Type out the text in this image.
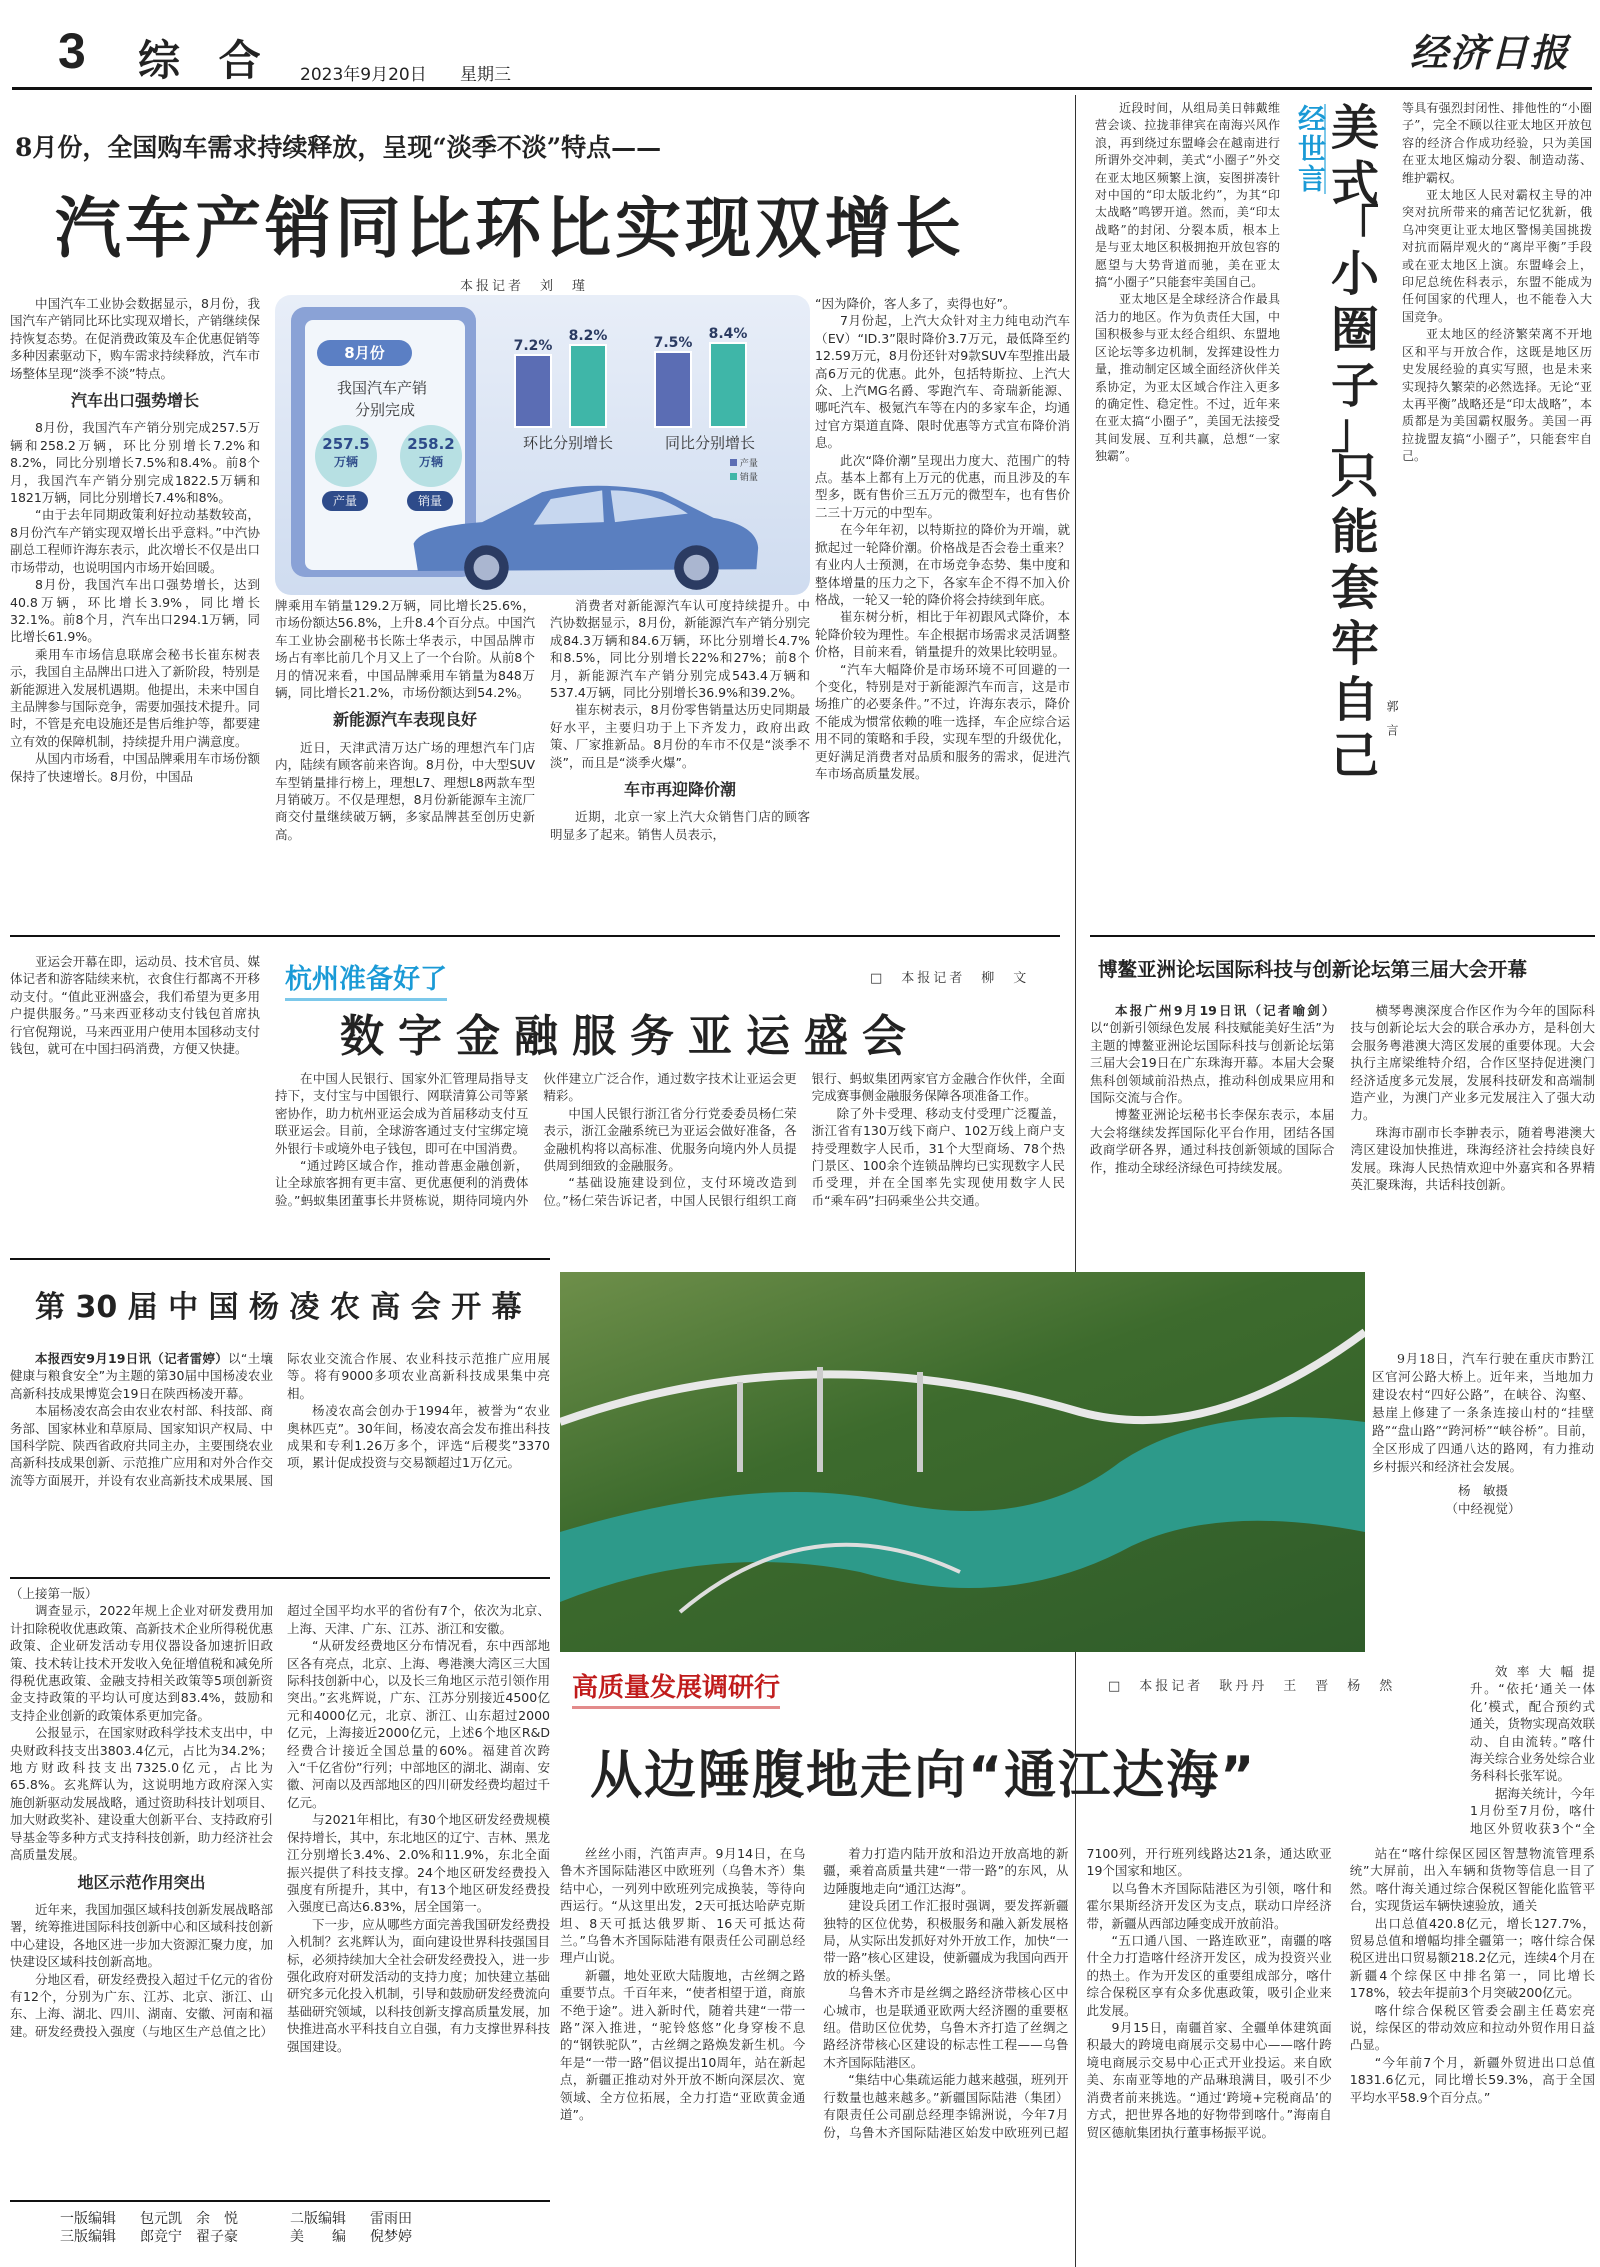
3 综 合 2023年9月20日 星期三	经济日报
8月份，全国购车需求持续释放，呈现“淡季不淡”特点——
汽车产销同比环比实现双增长
本报记者　刘　瑾

中国汽车工业协会数据显示，8月份，我国汽车产销同比环比实现双增长，产销继续保持恢复态势。在促消费政策及车企优惠促销等多种因素驱动下，购车需求持续释放，汽车市场整体呈现“淡季不淡”特点。

汽车出口强势增长

8月份，我国汽车产销分别完成257.5万辆和258.2万辆，环比分别增长7.2%和8.2%，同比分别增长7.5%和8.4%。前8个月，我国汽车产销分别完成1822.5万辆和1821万辆，同比分别增长7.4%和8%。

“由于去年同期政策利好拉动基数较高，8月份汽车产销实现双增长出乎意料。”中汽协副总工程师许海东表示，此次增长不仅是出口市场带动，也说明国内市场开始回暖。

8月份，我国汽车出口强势增长，达到40.8万辆，环比增长3.9%，同比增长32.1%。前8个月，汽车出口294.1万辆，同比增长61.9%。

乘用车市场信息联席会秘书长崔东树表示，我国自主品牌出口进入了新阶段，特别是新能源进入发展机遇期。他提出，未来中国自主品牌参与国际竞争，需要加强技术提升。同时，不管是充电设施还是售后维护等，都要建立有效的保障机制，持续提升用户满意度。

从国内市场看，中国品牌乘用车市场份额保持了快速增长。8月份，中国品

8月份
我国汽车产销
分别完成
257.5
万辆
258.2
万辆
产量	销量
7.2%
8.2%	7.5%
8.4%
环比分别增长	同比分别增长
产量
销量

牌乘用车销量129.2万辆，同比增长25.6%，市场份额达56.8%，上升8.4个百分点。中国汽车工业协会副秘书长陈士华表示，中国品牌市场占有率比前几个月又上了一个台阶。从前8个月的情况来看，中国品牌乘用车销量为848万辆，同比增长21.2%，市场份额达到54.2%。

新能源汽车表现良好

近日，天津武清万达广场的理想汽车门店内，陆续有顾客前来咨询。8月份，中大型SUV车型销量排行榜上，理想L7、理想L8两款车型月销破万。不仅是理想，8月份新能源车主流厂商交付量继续破万辆，多家品牌甚至创历史新高。

消费者对新能源汽车认可度持续提升。中汽协数据显示，8月份，新能源汽车产销分别完成84.3万辆和84.6万辆，环比分别增长4.7%和8.5%，同比分别增长22%和27%；前8个月，新能源汽车产销分别完成543.4万辆和537.4万辆，同比分别增长36.9%和39.2%。

崔东树表示，8月份零售销量达历史同期最好水平，主要归功于上下齐发力，政府出政策、厂家推新品。8月份的车市不仅是“淡季不淡”，而且是“淡季火爆”。

车市再迎降价潮

近期，北京一家上汽大众销售门店的顾客明显多了起来。销售人员表示，

“因为降价，客人多了，卖得也好”。

7月份起，上汽大众针对主力纯电动汽车（EV）“ID.3”限时降价3.7万元，最低降至约12.59万元，8月份还针对9款SUV车型推出最高6万元的优惠。此外，包括特斯拉、上汽大众、上汽MG名爵、零跑汽车、奇瑞新能源、哪吒汽车、极氪汽车等在内的多家车企，均通过官方渠道直降、限时优惠等方式宣布降价消息。

此次“降价潮”呈现出力度大、范围广的特点。基本上都有上万元的优惠，而且涉及的车型多，既有售价三五万元的微型车，也有售价二三十万元的中型车。

在今年年初，以特斯拉的降价为开端，就掀起过一轮降价潮。价格战是否会卷土重来？有业内人士预测，在市场竞争态势、集中度和整体增量的压力之下，各家车企不得不加入价格战，一轮又一轮的降价将会持续到年底。

崔东树分析，相比于年初跟风式降价，本轮降价较为理性。车企根据市场需求灵活调整价格，目前来看，销量提升的效果比较明显。

“汽车大幅降价是市场环境不可回避的一个变化，特别是对于新能源汽车而言，这是市场推广的必要条件。”不过，许海东表示，降价不能成为惯常依赖的唯一选择，车企应综合运用不同的策略和手段，实现车型的升级优化，更好满足消费者对品质和服务的需求，促进汽车市场高质量发展。

近段时间，从组局美日韩戴维营会谈、拉拢菲律宾在南海兴风作浪，再到绕过东盟峰会在越南进行所谓外交冲刺，美式“小圈子”外交在亚太地区频繁上演，妄图拼凑针对中国的“印太版北约”，为其“印太战略”鸣锣开道。然而，美“印太战略”的封闭、分裂本质，根本上是与亚太地区积极拥抱开放包容的愿望与大势背道而驰，美在亚太搞“小圈子”只能套牢美国自己。

亚太地区是全球经济合作最具活力的地区。作为负责任大国，中国积极参与亚太经合组织、东盟地区论坛等多边机制，发挥建设性力量，推动制定区域全面经济伙伴关系协定，为亚太区域合作注入更多的确定性、稳定性。不过，近年来在亚太搞“小圈子”，美国无法接受其间发展、互利共赢，总想“一家独霸”。

经世言 美
式
「
小
圈
子
」
只
能
套
牢
自
己
郭　言

等具有强烈封闭性、排他性的“小圈子”，完全不顾以往亚太地区开放包容的经济合作成功经验，只为美国在亚太地区煽动分裂、制造动荡、维护霸权。

亚太地区人民对霸权主导的冲突对抗所带来的痛苦记忆犹新，俄乌冲突更让亚太地区警惕美国挑拨对抗而隔岸观火的“离岸平衡”手段或在亚太地区上演。东盟峰会上，印尼总统佐科表示，东盟不能成为任何国家的代理人，也不能卷入大国竞争。

亚太地区的经济繁荣离不开地区和平与开放合作，这既是地区历史发展经验的真实写照，也是未来实现持久繁荣的必然选择。无论“亚太再平衡”战略还是“印太战略”，本质都是为美国霸权服务。美国一再拉拢盟友搞“小圈子”，只能套牢自己。

亚运会开幕在即，运动员、技术官员、媒体记者和游客陆续来杭，衣食住行都离不开移动支付。“值此亚洲盛会，我们希望为更多用户提供服务。”马来西亚移动支付钱包首席执行官倪翔说，马来西亚用户使用本国移动支付钱包，就可在中国扫码消费，方便又快捷。

杭州准备好了	□　本报记者　柳　文
数字金融服务亚运盛会

在中国人民银行、国家外汇管理局指导支持下，支付宝与中国银行、网联清算公司等紧密协作，助力杭州亚运会成为首届移动支付互联亚运会。目前，全球游客通过支付宝绑定境外银行卡或境外电子钱包，即可在中国消费。

“通过跨区域合作，推动普惠金融创新，让全球旅客拥有更丰富、更优惠便利的消费体验。”蚂蚁集团董事长井贤栋说，期待同境内外伙伴建立广泛合作，通过数字技术让亚运会更精彩。

中国人民银行浙江省分行党委委员杨仁荣表示，浙江金融系统已为亚运会做好准备，各金融机构将以高标准、优服务向境内外人员提供周到细致的金融服务。

“基础设施建设到位，支付环境改造到位。”杨仁荣告诉记者，中国人民银行组织工商银行、蚂蚁集团两家官方金融合作伙伴，全面完成赛事侧金融服务保障各项准备工作。

除了外卡受理、移动支付受理广泛覆盖，浙江省有130万线下商户、102万线上商户支持受理数字人民币，31个大型商场、78个热门景区、100余个连锁品牌均已实现数字人民币受理，并在全国率先实现使用数字人民币“乘车码”扫码乘坐公共交通。

博鳌亚洲论坛国际科技与创新论坛第三届大会开幕

本报广州9月19日讯（记者喻剑）以“创新引领绿色发展 科技赋能美好生活”为主题的博鳌亚洲论坛国际科技与创新论坛第三届大会19日在广东珠海开幕。本届大会聚焦科创领域前沿热点，推动科创成果应用和国际交流与合作。

博鳌亚洲论坛秘书长李保东表示，本届大会将继续发挥国际化平台作用，团结各国政商学研各界，通过科技创新领域的国际合作，推动全球经济绿色可持续发展。

横琴粤澳深度合作区作为今年的国际科技与创新论坛大会的联合承办方，是科创大会服务粤港澳大湾区发展的重要体现。大会执行主席梁维特介绍，合作区坚持促进澳门经济适度多元发展，发展科技研发和高端制造产业，为澳门产业多元发展注入了强大动力。

珠海市副市长李翀表示，随着粤港澳大湾区建设加快推进，珠海经济社会持续良好发展。珠海人民热情欢迎中外嘉宾和各界精英汇聚珠海，共话科技创新。

第 30 届 中 国 杨 凌 农 高 会 开 幕

本报西安9月19日讯（记者雷婷）以“土壤健康与粮食安全”为主题的第30届中国杨凌农业高新科技成果博览会19日在陕西杨凌开幕。

本届杨凌农高会由农业农村部、科技部、商务部、国家林业和草原局、国家知识产权局、中国科学院、陕西省政府共同主办，主要围绕农业高新科技成果创新、示范推广应用和对外合作交流等方面展开，并设有农业高新技术成果展、国际农业交流合作展、农业科技示范推广应用展等。将有9000多项农业高新科技成果集中亮相。

杨凌农高会创办于1994年，被誉为“农业奥林匹克”。30年间，杨凌农高会发布推出科技成果和专利1.26万多个，评选“后稷奖”3370项，累计促成投资与交易额超过1万亿元。

9月18日，汽车行驶在重庆市黔江区官河公路大桥上。近年来，当地加力建设农村“四好公路”，在峡谷、沟壑、悬崖上修建了一条条连接山村的“挂壁路”“盘山路”“跨河桥”“峡谷桥”。目前，全区形成了四通八达的路网，有力推动乡村振兴和经济社会发展。

杨　敏摄
（中经视觉）
（上接第一版）

调查显示，2022年规上企业对研发费用加计扣除税收优惠政策、高新技术企业所得税优惠政策、企业研发活动专用仪器设备加速折旧政策、技术转让技术开发收入免征增值税和减免所得税优惠政策、金融支持相关政策等5项创新资金支持政策的平均认可度达到83.4%，鼓励和支持企业创新的政策体系更加完备。

公报显示，在国家财政科学技术支出中，中央财政科技支出3803.4亿元，占比为34.2%；地方财政科技支出7325.0亿元，占比为65.8%。玄兆辉认为，这说明地方政府深入实施创新驱动发展战略，通过资助科技计划项目、加大财政奖补、建设重大创新平台、支持政府引导基金等多种方式支持科技创新，助力经济社会高质量发展。

地区示范作用突出

近年来，我国加强区域科技创新发展战略部署，统筹推进国际科技创新中心和区域科技创新中心建设，各地区进一步加大资源汇聚力度，加快建设区域科技创新高地。

分地区看，研发经费投入超过千亿元的省份有12个，分别为广东、江苏、北京、浙江、山东、上海、湖北、四川、湖南、安徽、河南和福建。研发经费投入强度（与地区生产总值之比）超过全国平均水平的省份有7个，依次为北京、上海、天津、广东、江苏、浙江和安徽。

“从研发经费地区分布情况看，东中西部地区各有亮点，北京、上海、粤港澳大湾区三大国际科技创新中心，以及长三角地区示范引领作用突出。”玄兆辉说，广东、江苏分别接近4500亿元和4000亿元，北京、浙江、山东超过2000亿元，上海接近2000亿元，上述6个地区R&D经费合计接近全国总量的60%。福建首次跨入“千亿省份”行列；中部地区的湖北、湖南、安徽、河南以及西部地区的四川研发经费均超过千亿元。

与2021年相比，有30个地区研发经费规模保持增长，其中，东北地区的辽宁、吉林、黑龙江分别增长3.4%、2.0%和11.9%，东北全面振兴提供了科技支撑。24个地区研发经费投入强度有所提升，其中，有13个地区研发经费投入强度已高达6.83%，居全国第一。

下一步，应从哪些方面完善我国研发经费投入机制？玄兆辉认为，面向建设世界科技强国目标，必须持续加大全社会研发经费投入，进一步强化政府对研发活动的支持力度；加快建立基础研究多元化投入机制，引导和鼓励研发经费流向基础研究领域，以科技创新支撑高质量发展，加快推进高水平科技自立自强，有力支撑世界科技强国建设。

高质量发展调研行	□　本报记者　耿丹丹　王　晋　杨　然
从边陲腹地走向“通江达海”

效率大幅提升。“依托‘通关一体化’模式，配合预约式通关，货物实现高效联动、自由流转。”喀什海关综合业务处综合业务科科长张军说。

据海关统计，今年1月份至7月份，喀什地区外贸收获3个“全

丝丝小雨，汽笛声声。9月14日，在乌鲁木齐国际陆港区中欧班列（乌鲁木齐）集结中心，一列列中欧班列完成换装，等待向西运行。“从这里出发，2天可抵达哈萨克斯坦、8天可抵达俄罗斯、16天可抵达荷兰。”乌鲁木齐国际陆港有限责任公司副总经理卢山说。

新疆，地处亚欧大陆腹地，古丝绸之路重要节点。千百年来，“使者相望于道，商旅不绝于途”。进入新时代，随着共建“一带一路”深入推进，“驼铃悠悠”化身穿梭不息的“钢铁驼队”，古丝绸之路焕发新生机。今年是“一带一路”倡议提出10周年，站在新起点，新疆正推动对外开放不断向深层次、宽领域、全方位拓展，全力打造“亚欧黄金通道”。

着力打造内陆开放和沿边开放高地的新疆，乘着高质量共建“一带一路”的东风，从边陲腹地走向“通江达海”。

建设兵团工作汇报时强调，要发挥新疆独特的区位优势，积极服务和融入新发展格局，从实际出发抓好对外开放工作，加快“一带一路”核心区建设，使新疆成为我国向西开放的桥头堡。

乌鲁木齐市是丝绸之路经济带核心区中心城市，也是联通亚欧两大经济圈的重要枢纽。借助区位优势，乌鲁木齐打造了丝绸之路经济带核心区建设的标志性工程——乌鲁木齐国际陆港区。

“集结中心集疏运能力越来越强，班列开行数量也越来越多。”新疆国际陆港（集团）有限责任公司副总经理李锦洲说，今年7月份，乌鲁木齐国际陆港区始发中欧班列已超7100列，开行班列线路达21条，通达欧亚19个国家和地区。

以乌鲁木齐国际陆港区为引领，喀什和霍尔果斯经济开发区为支点，联动口岸经济带，新疆从西部边陲变成开放前沿。

“五口通八国、一路连欧亚”，南疆的喀什全力打造喀什经济开发区，成为投资兴业的热土。作为开发区的重要组成部分，喀什综合保税区享有众多优惠政策，吸引企业来此发展。

9月15日，南疆首家、全疆单体建筑面积最大的跨境电商展示交易中心——喀什跨境电商展示交易中心正式开业投运。来自欧美、东南亚等地的产品琳琅满目，吸引不少消费者前来挑选。“通过‘跨境+完税商品’的方式，把世界各地的好物带到喀什。”海南自贸区德航集团执行董事杨振平说。

站在“喀什综保区园区智慧物流管理系统”大屏前，出入车辆和货物等信息一目了然。喀什海关通过综合保税区智能化监管平台，实现货运车辆快速验放，通关

出口总值420.8亿元，增长127.7%，贸易总值和增幅均排全疆第一；喀什综合保税区进出口贸易额218.2亿元，连续4个月在新疆4个综保区中排名第一，同比增长178%，较去年提前3个月突破200亿元。

喀什综合保税区管委会副主任葛宏亮说，综保区的带动效应和拉动外贸作用日益凸显。

“今年前7个月，新疆外贸进出口总值1831.6亿元，同比增长59.3%，高于全国平均水平58.9个百分点。”

一版编辑 包元凯　余　悦	二版编辑 雷雨田
三版编辑 郎竞宁　翟子豪	美　　编 倪梦婷
